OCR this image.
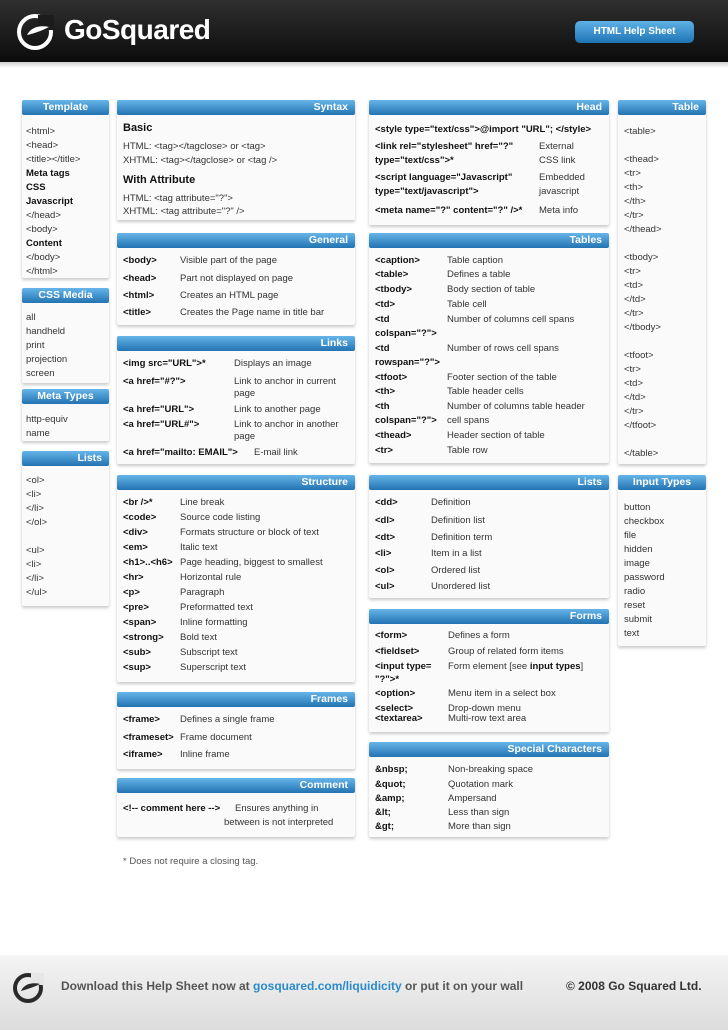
GoSquared	HTML Help Sheet
Template
<html>
<head>
<title></title>
Meta tags
CSS
Javascript
</head>
<body>
Content
</body>
</html>
CSS Media
all
handheld
print
projection
screen
Meta Types
http-equiv
name
Lists
<ol>
<li>
</li>
</ol>
<ul>
<li>
</li>
</ul>
Syntax
Basic
HTML: <tag></tagclose> or <tag>
XHTML: <tag></tagclose> or <tag />
With Attribute
HTML: <tag attribute="?">
XHTML: <tag attribute="?" />
General
<body> Visible part of the page
<head> Part not displayed on page
<html>	Creates an HTML page
<title>	Creates the Page name in title bar
Links
<img src="URL">*	Displays an image
<a href="#?">	Link to anchor in current page
<a href="URL">	Link to another page
<a href="URL#">	Link to anchor in another page
<a href="mailto: EMAIL"> E-mail link
Structure
<br />*	Line break
<code> Source code listing
<div>	Formats structure or block of text
<em>	Italic text
<h1>..<h6> Page heading, biggest to smallest
<hr>	Horizontal rule
<p>	Paragraph
<pre>	Preformatted text
<span> Inline formatting
<strong> Bold text
<sub>	Subscript text
<sup>	Superscript text
Frames
<frame> Defines a single frame
<frameset> Frame document
<iframe> Inline frame
Comment
<!-- comment here --> Ensures anything in
between is not interpreted
* Does not require a closing tag.
Head
<style type="text/css">@import "URL"; </style>
<link rel="stylesheet" href="?"	External
type="text/css">*	CSS link
<script language="Javascript"	Embedded
type="text/javascript">	javascript
<meta name="?" content="?" />* Meta info
Tables
<caption>	Table caption
<table>	Defines a table
<tbody>	Body section of table
<td>	Table cell
<td	Number of columns cell spans
colspan="?">
<td	Number of rows cell spans
rowspan="?">
<tfoot>	Footer section of the table
<th>	Table header cells
<th	Number of columns table header
colspan="?"> cell spans
<thead>	Header section of table
<tr>	Table row
Lists
<dd>	Definition
<dl>	Definition list
<dt>	Definition term
<li>	Item in a list
<ol>	Ordered list
<ul>	Unordered list
Forms
<form>	Defines a form
<fieldset>	Group of related form items
<input type= Form element [see input types]
"?">*
<option>	Menu item in a select box
<select>	Drop-down menu
<textarea>	Multi-row text area
Special Characters
&nbsp;	Non-breaking space
&quot;	Quotation mark
&amp;	Ampersand
&lt;	Less than sign
&gt;	More than sign
Table
<table>
<thead>
<tr>
<th>
</th>
</tr>
</thead>
<tbody>
<tr>
<td>
</td>
</tr>
</tbody>
<tfoot>
<tr>
<td>
</td>
</tr>
</tfoot>
</table>
Input Types
button
checkbox
file
hidden
image
password
radio
reset
submit
text
Download this Help Sheet now at gosquared.com/liquidicity or put it on your wall	© 2008 Go Squared Ltd.
